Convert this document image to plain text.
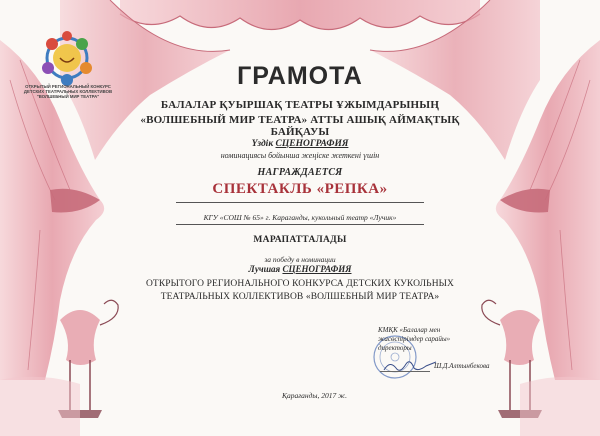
ОТКРЫТЫЙ РЕГИОНАЛЬНЫЙ КОНКУРС
ДЕТСКИХ ТЕАТРАЛЬНЫХ КОЛЛЕКТИВОВ
"ВОЛШЕБНЫЙ МИР ТЕАТРА"
ГРАМОТА
БАЛАЛАР ҚУЫРШАҚ ТЕАТРЫ ҰЖЫМДАРЫНЫҢ
«ВОЛШЕБНЫЙ МИР ТЕАТРА» АТТЫ АШЫҚ АЙМАҚТЫҚ БАЙҚАУЫ
Үздік СЦЕНОГРАФИЯ
номинациясы бойынша жеңіске жеткені үшін
НАГРАЖДАЕТСЯ
СПЕКТАКЛЬ «РЕПКА»
КГУ «СОШ № 65» г. Караганды, кукольный театр «Лучик»
МАРАПАТТАЛАДЫ
за победу в номинации
Лучшая СЦЕНОГРАФИЯ
ОТКРЫТОГО РЕГИОНАЛЬНОГО КОНКУРСА ДЕТСКИХ КУКОЛЬНЫХ
ТЕАТРАЛЬНЫХ КОЛЛЕКТИВОВ «ВОЛШЕБНЫЙ МИР ТЕАТРА»
КМҚК «Балалар мен
жасөспірімдер сарайы»
директоры
Ш.Д.Алтынбекова
Қарағанды, 2017 ж.
